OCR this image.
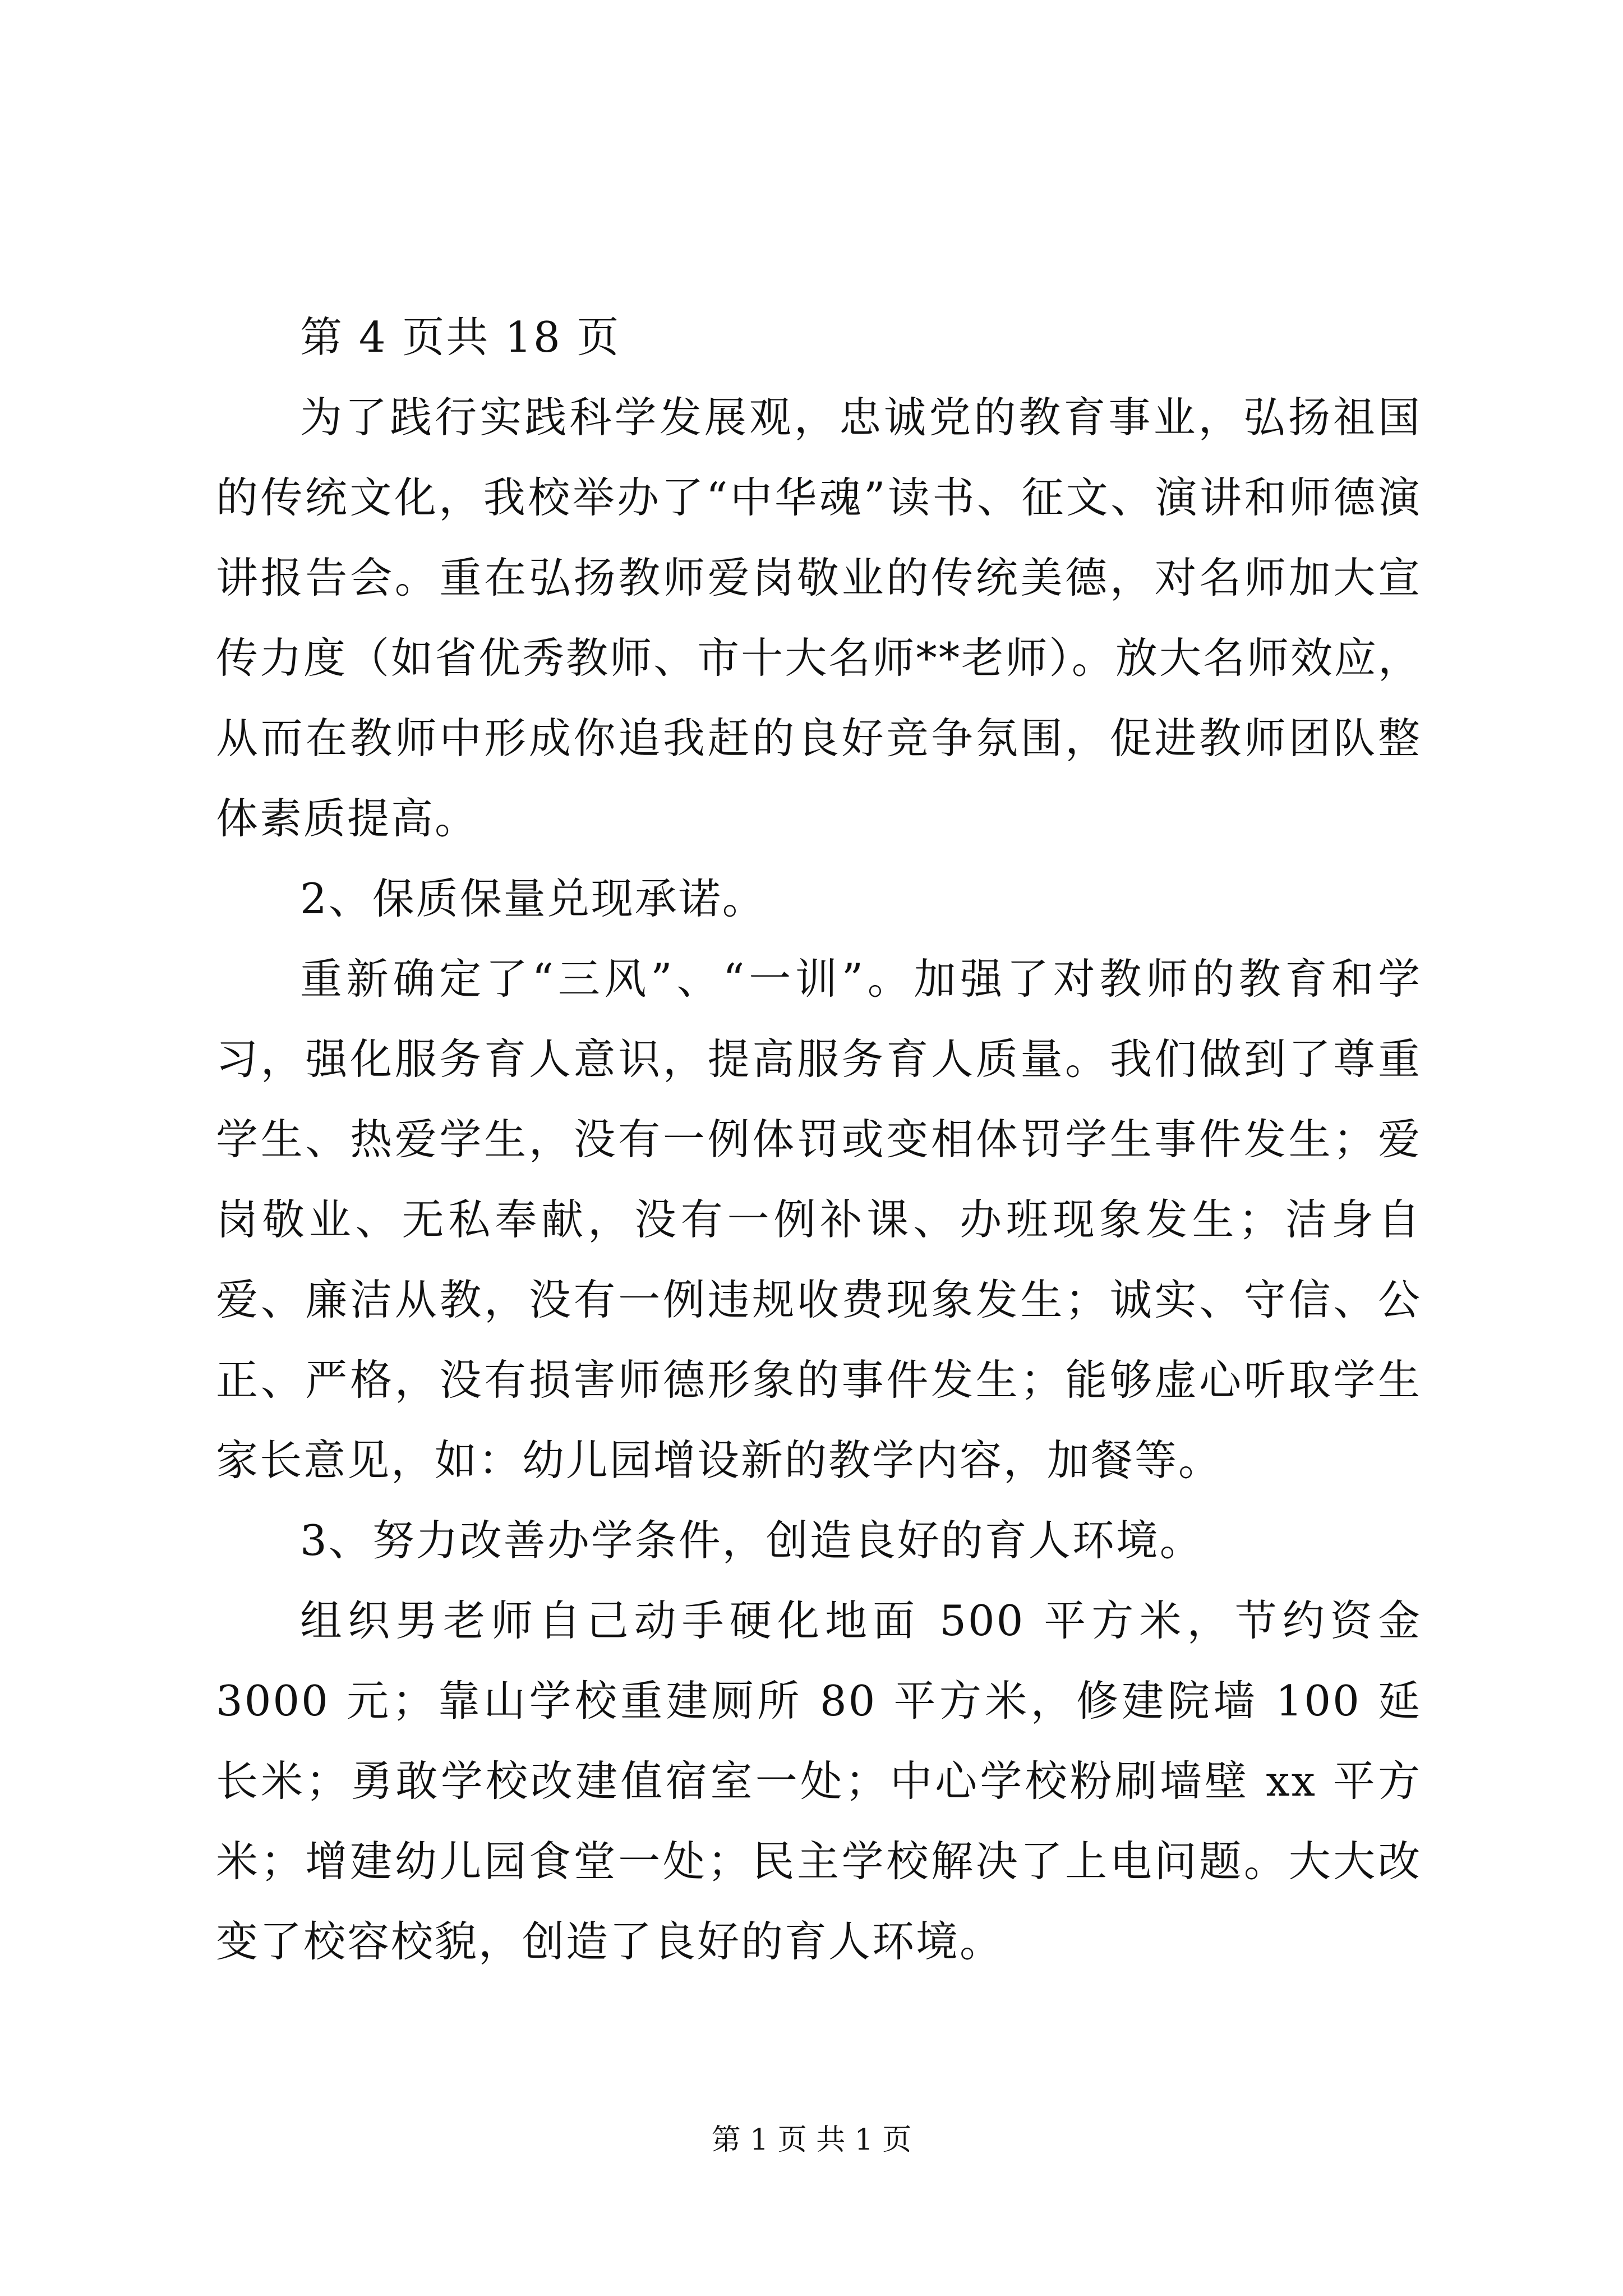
第 4 页共 18 页

为了践行实践科学发展观，忠诚党的教育事业，弘扬祖国的传统文化，我校举办了“中华魂”读书、征文、演讲和师德演讲报告会。重在弘扬教师爱岗敬业的传统美德，对名师加大宣传力度（如省优秀教师、市十大名师**老师）。放大名师效应，从而在教师中形成你追我赶的良好竞争氛围，促进教师团队整体素质提高。

2、保质保量兑现承诺。

重新确定了“三风”、“一训”。加强了对教师的教育和学习，强化服务育人意识，提高服务育人质量。我们做到了尊重学生、热爱学生，没有一例体罚或变相体罚学生事件发生；爱岗敬业、无私奉献，没有一例补课、办班现象发生；洁身自爱、廉洁从教，没有一例违规收费现象发生；诚实、守信、公正、严格，没有损害师德形象的事件发生；能够虚心听取学生家长意见，如：幼儿园增设新的教学内容，加餐等。

3、努力改善办学条件，创造良好的育人环境。

组织男老师自己动手硬化地面 500 平方米，节约资金 3000 元；靠山学校重建厕所 80 平方米，修建院墙 100 延长米；勇敢学校改建值宿室一处；中心学校粉刷墙壁 xx 平方米；增建幼儿园食堂一处；民主学校解决了上电问题。大大改变了校容校貌，创造了良好的育人环境。

第 1 页 共 1 页
